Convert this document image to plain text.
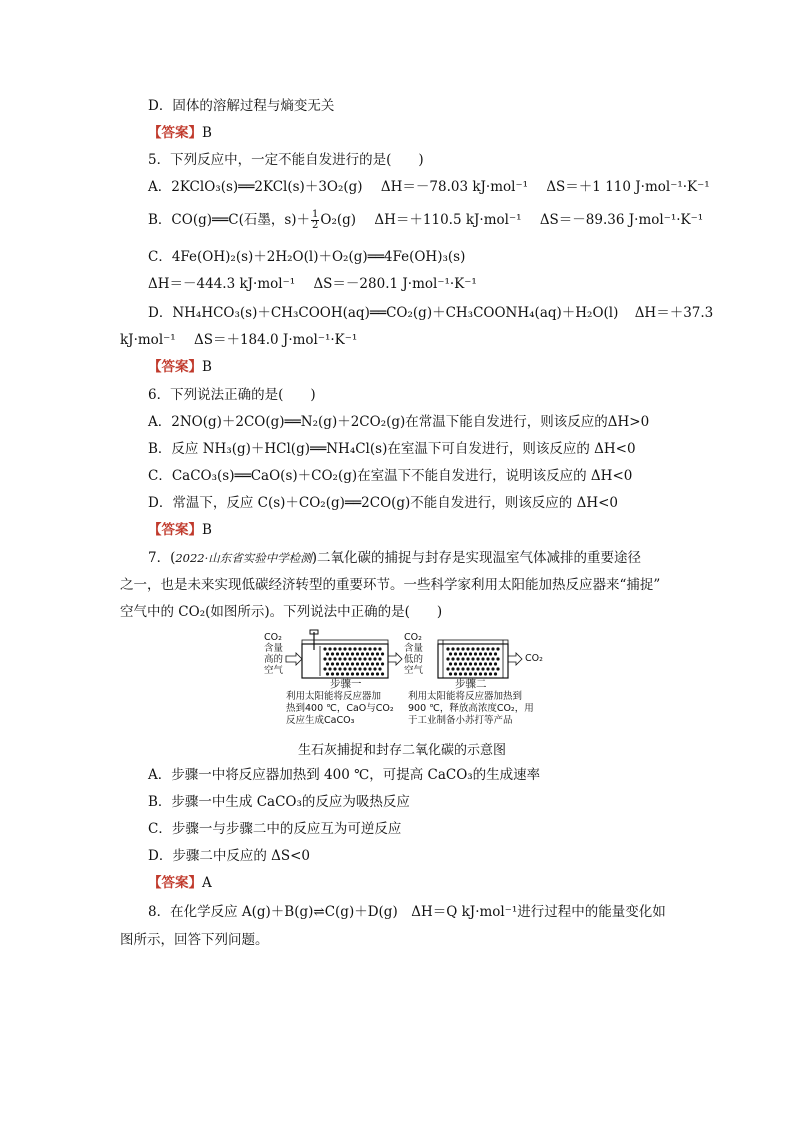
D．固体的溶解过程与熵变无关
【答案】B
5．下列反应中，一定不能自发进行的是(　　)
A．2KClO₃(s)══2KCl(s)＋3O₂(g) ΔH＝－78.03 kJ·mol⁻¹ ΔS＝＋1 110 J·mol⁻¹·K⁻¹
B．CO(g)══C(石墨，$s)+ \frac{1}{2} O_2(g)$ ΔH＝＋110.5 kJ·mol⁻¹ ΔS＝－89.36 J·mol⁻¹·K⁻¹
C．4Fe(OH)₂(s)＋2H₂O(l)＋O₂(g)══4Fe(OH)₃(s)
ΔH＝－444.3 kJ·mol⁻¹ ΔS＝－280.1 J·mol⁻¹·K⁻¹
D．NH₄HCO₃(s)＋CH₃COOH(aq)══CO₂(g)＋CH₃COONH₄(aq)＋H₂O(l) ΔH＝＋37.3
kJ·mol⁻¹ ΔS＝＋184.0 J·mol⁻¹·K⁻¹
【答案】B
6．下列说法正确的是(　　)
A．2NO(g)＋2CO(g)══N₂(g)＋2CO₂(g)在常温下能自发进行，则该反应的ΔH>0
B．反应 NH₃(g)＋HCl(g)══NH₄Cl(s)在室温下可自发进行，则该反应的 ΔH<0
C．CaCO₃(s)══CaO(s)＋CO₂(g)在室温下不能自发进行，说明该反应的 ΔH<0
D．常温下，反应 C(s)＋CO₂(g)══2CO(g)不能自发进行，则该反应的 ΔH<0
【答案】B
7．(2022·山东省实验中学检测)二氧化碳的捕捉与封存是实现温室气体减排的重要途径
之一，也是未来实现低碳经济转型的重要环节。一些科学家利用太阳能加热反应器来“捕捉”
空气中的 CO₂(如图所示)。下列说法中正确的是(　　)
CO₂
含量
高的
空气
CO₂
含量
低的
空气
CO₂
步骤一
利用太阳能将反应器加
热到400 ℃，CaO与CO₂
反应生成CaCO₃
步骤二
利用太阳能将反应器加热到
900 ℃，释放高浓度CO₂，用
于工业制备小苏打等产品
生石灰捕捉和封存二氧化碳的示意图
A．步骤一中将反应器加热到 400 ℃，可提高 CaCO₃的生成速率
B．步骤一中生成 CaCO₃的反应为吸热反应
C．步骤一与步骤二中的反应互为可逆反应
D．步骤二中反应的 ΔS<0
【答案】A
8．在化学反应 A(g)＋B(g)⇌C(g)＋D(g)　ΔH＝Q kJ·mol⁻¹进行过程中的能量变化如
图所示，回答下列问题。
